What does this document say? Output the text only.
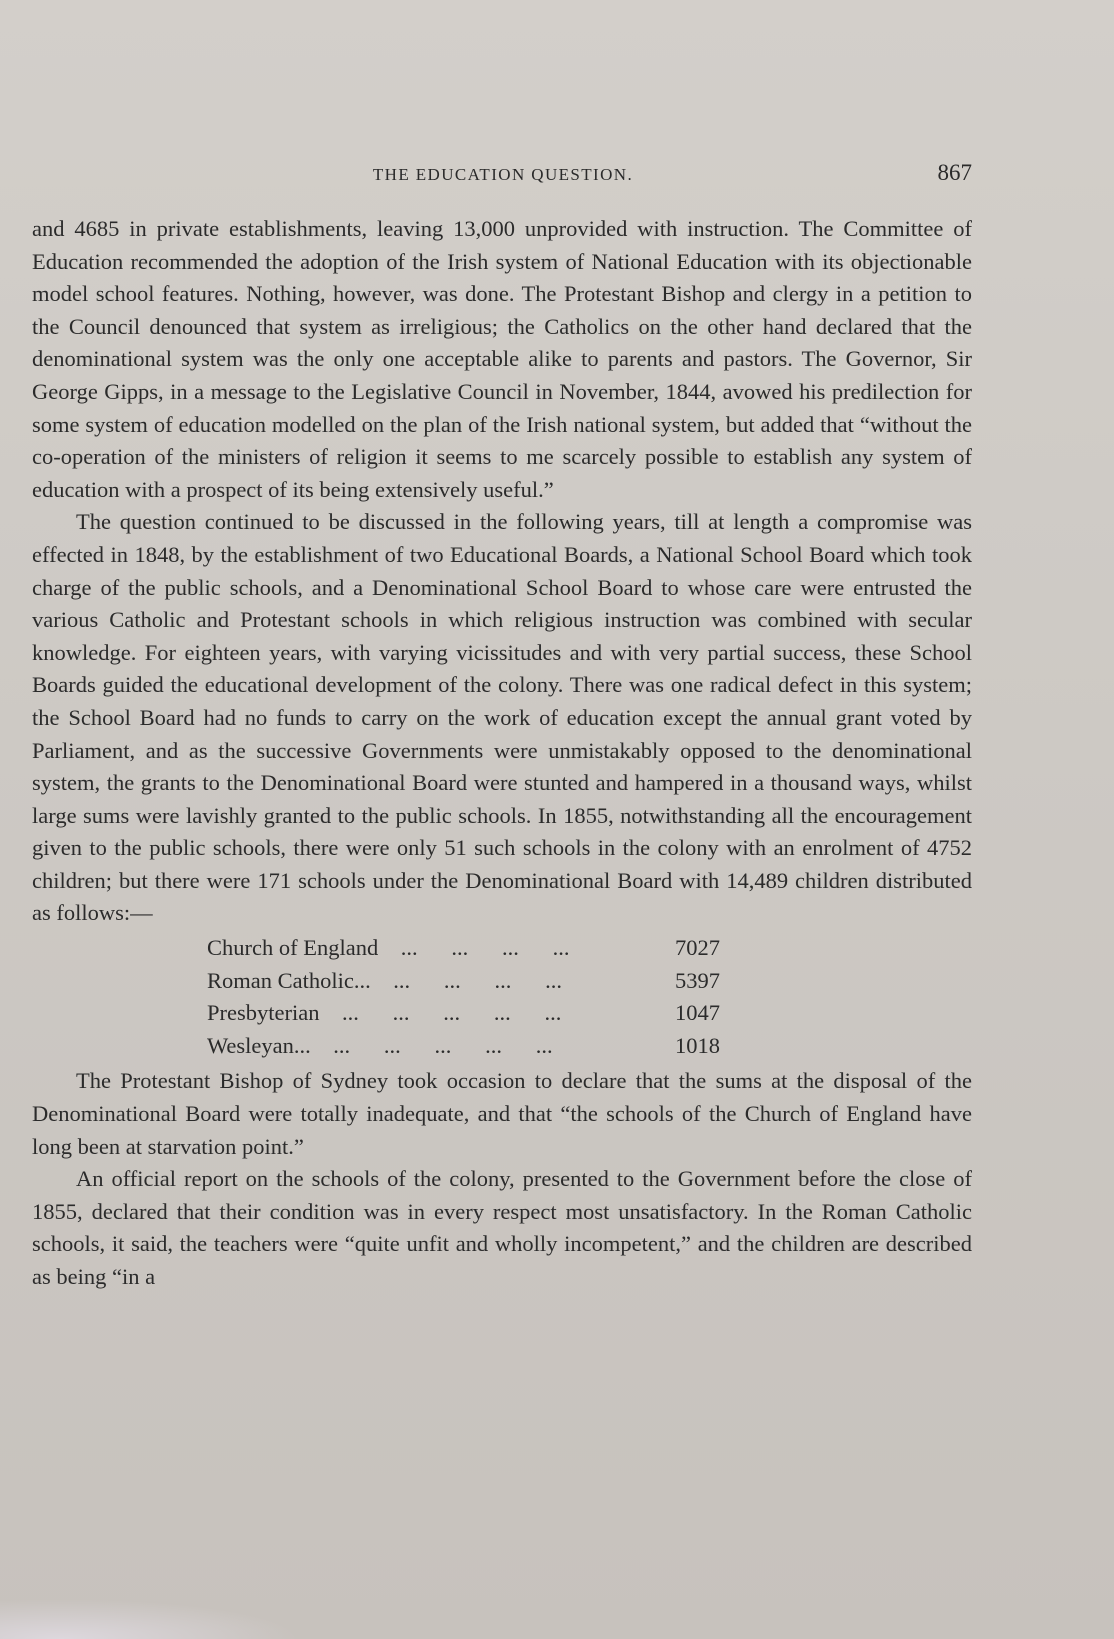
THE EDUCATION QUESTION.	867

and 4685 in private establishments, leaving 13,000 unprovided with instruction. The Committee of Education recommended the adoption of the Irish system of National Education with its objectionable model school features. Nothing, however, was done. The Protestant Bishop and clergy in a petition to the Council denounced that system as irreligious; the Catholics on the other hand declared that the denominational system was the only one acceptable alike to parents and pastors. The Governor, Sir George Gipps, in a message to the Legislative Council in November, 1844, avowed his predilection for some system of education modelled on the plan of the Irish national system, but added that “without the co-operation of the ministers of religion it seems to me scarcely possible to establish any system of education with a prospect of its being extensively useful.”

The question continued to be discussed in the following years, till at length a compromise was effected in 1848, by the establishment of two Educational Boards, a National School Board which took charge of the public schools, and a Denominational School Board to whose care were entrusted the various Catholic and Protestant schools in which religious instruction was combined with secular knowledge. For eighteen years, with varying vicissitudes and with very partial success, these School Boards guided the educational development of the colony. There was one radical defect in this system; the School Board had no funds to carry on the work of education except the annual grant voted by Parliament, and as the successive Governments were unmistakably opposed to the denominational system, the grants to the Denominational Board were stunted and hampered in a thousand ways, whilst large sums were lavishly granted to the public schools. In 1855, notwithstanding all the encouragement given to the public schools, there were only 51 such schools in the colony with an enrolment of 4752 children; but there were 171 schools under the Denominational Board with 14,489 children distributed as follows:—

Church of England    ...      ...      ...      ...	7027
Roman Catholic...    ...      ...      ...      ...	5397
Presbyterian    ...      ...      ...      ...      ...	1047
Wesleyan...    ...      ...      ...      ...      ...	1018

The Protestant Bishop of Sydney took occasion to declare that the sums at the disposal of the Denominational Board were totally inadequate, and that “the schools of the Church of England have long been at starvation point.”

An official report on the schools of the colony, presented to the Government before the close of 1855, declared that their condition was in every respect most unsatisfactory. In the Roman Catholic schools, it said, the teachers were “quite unfit and wholly incompetent,” and the children are described as being “in a
